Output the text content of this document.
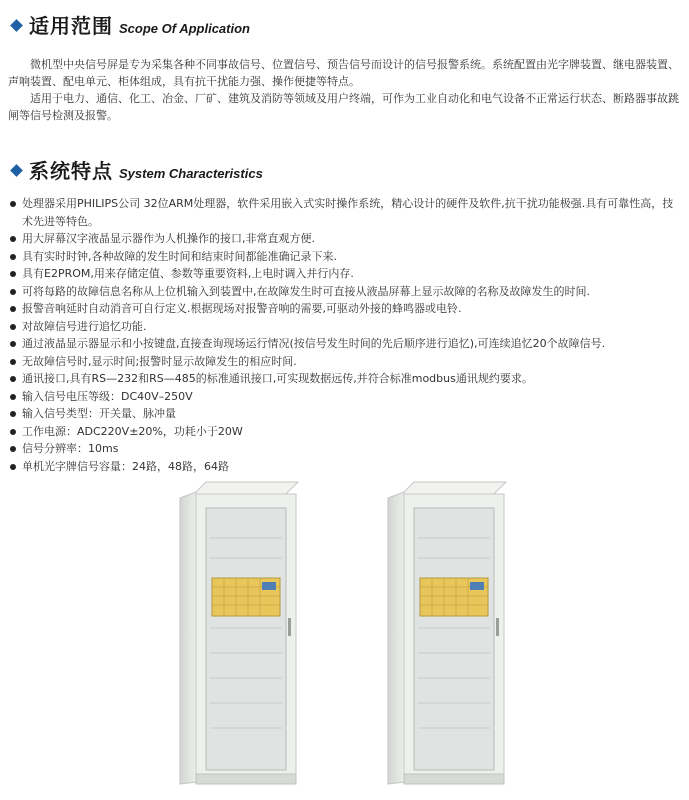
适用范围 Scope Of Application

微机型中央信号屏是专为采集各种不同事故信号、位置信号、预告信号而设计的信号报警系统。系统配置由光字牌装置、继电器装置、声响装置、配电单元、柜体组成，具有抗干扰能力强、操作便捷等特点。

适用于电力、通信、化工、冶金、厂矿、建筑及消防等领域及用户终端，可作为工业自动化和电气设备不正常运行状态、断路器事故跳闸等信号检测及报警。

系统特点 System Characteristics
处理器采用PHILIPS公司 32位ARM处理器，软件采用嵌入式实时操作系统，精心设计的硬件及软件,抗干扰功能极强.具有可靠性高，技术先进等特色。
用大屏幕汉字液晶显示器作为人机操作的接口,非常直观方便.
具有实时时钟,各种故障的发生时间和结束时间都能准确记录下来.
具有E2PROM,用来存储定值、参数等重要资料,上电时调入并行内存.
可将每路的故障信息名称从上位机输入到装置中,在故障发生时可直接从液晶屏幕上显示故障的名称及故障发生的时间.
报警音响延时自动消音可自行定义.根据现场对报警音响的需要,可驱动外接的蜂鸣器或电铃.
对故障信号进行追忆功能.
通过液晶显示器显示和小按键盘,直接查询现场运行情况(按信号发生时间的先后顺序进行追忆),可连续追忆20个故障信号.
无故障信号时,显示时间;报警时显示故障发生的相应时间.
通讯接口,具有RS—232和RS—485的标准通讯接口,可实现数据远传,并符合标准modbus通讯规约要求。
输入信号电压等级：DC40V–250V
输入信号类型：开关量、脉冲量
工作电源：ADC220V±20%，功耗小于20W
信号分辨率：10ms
单机光字牌信号容量：24路，48路，64路
